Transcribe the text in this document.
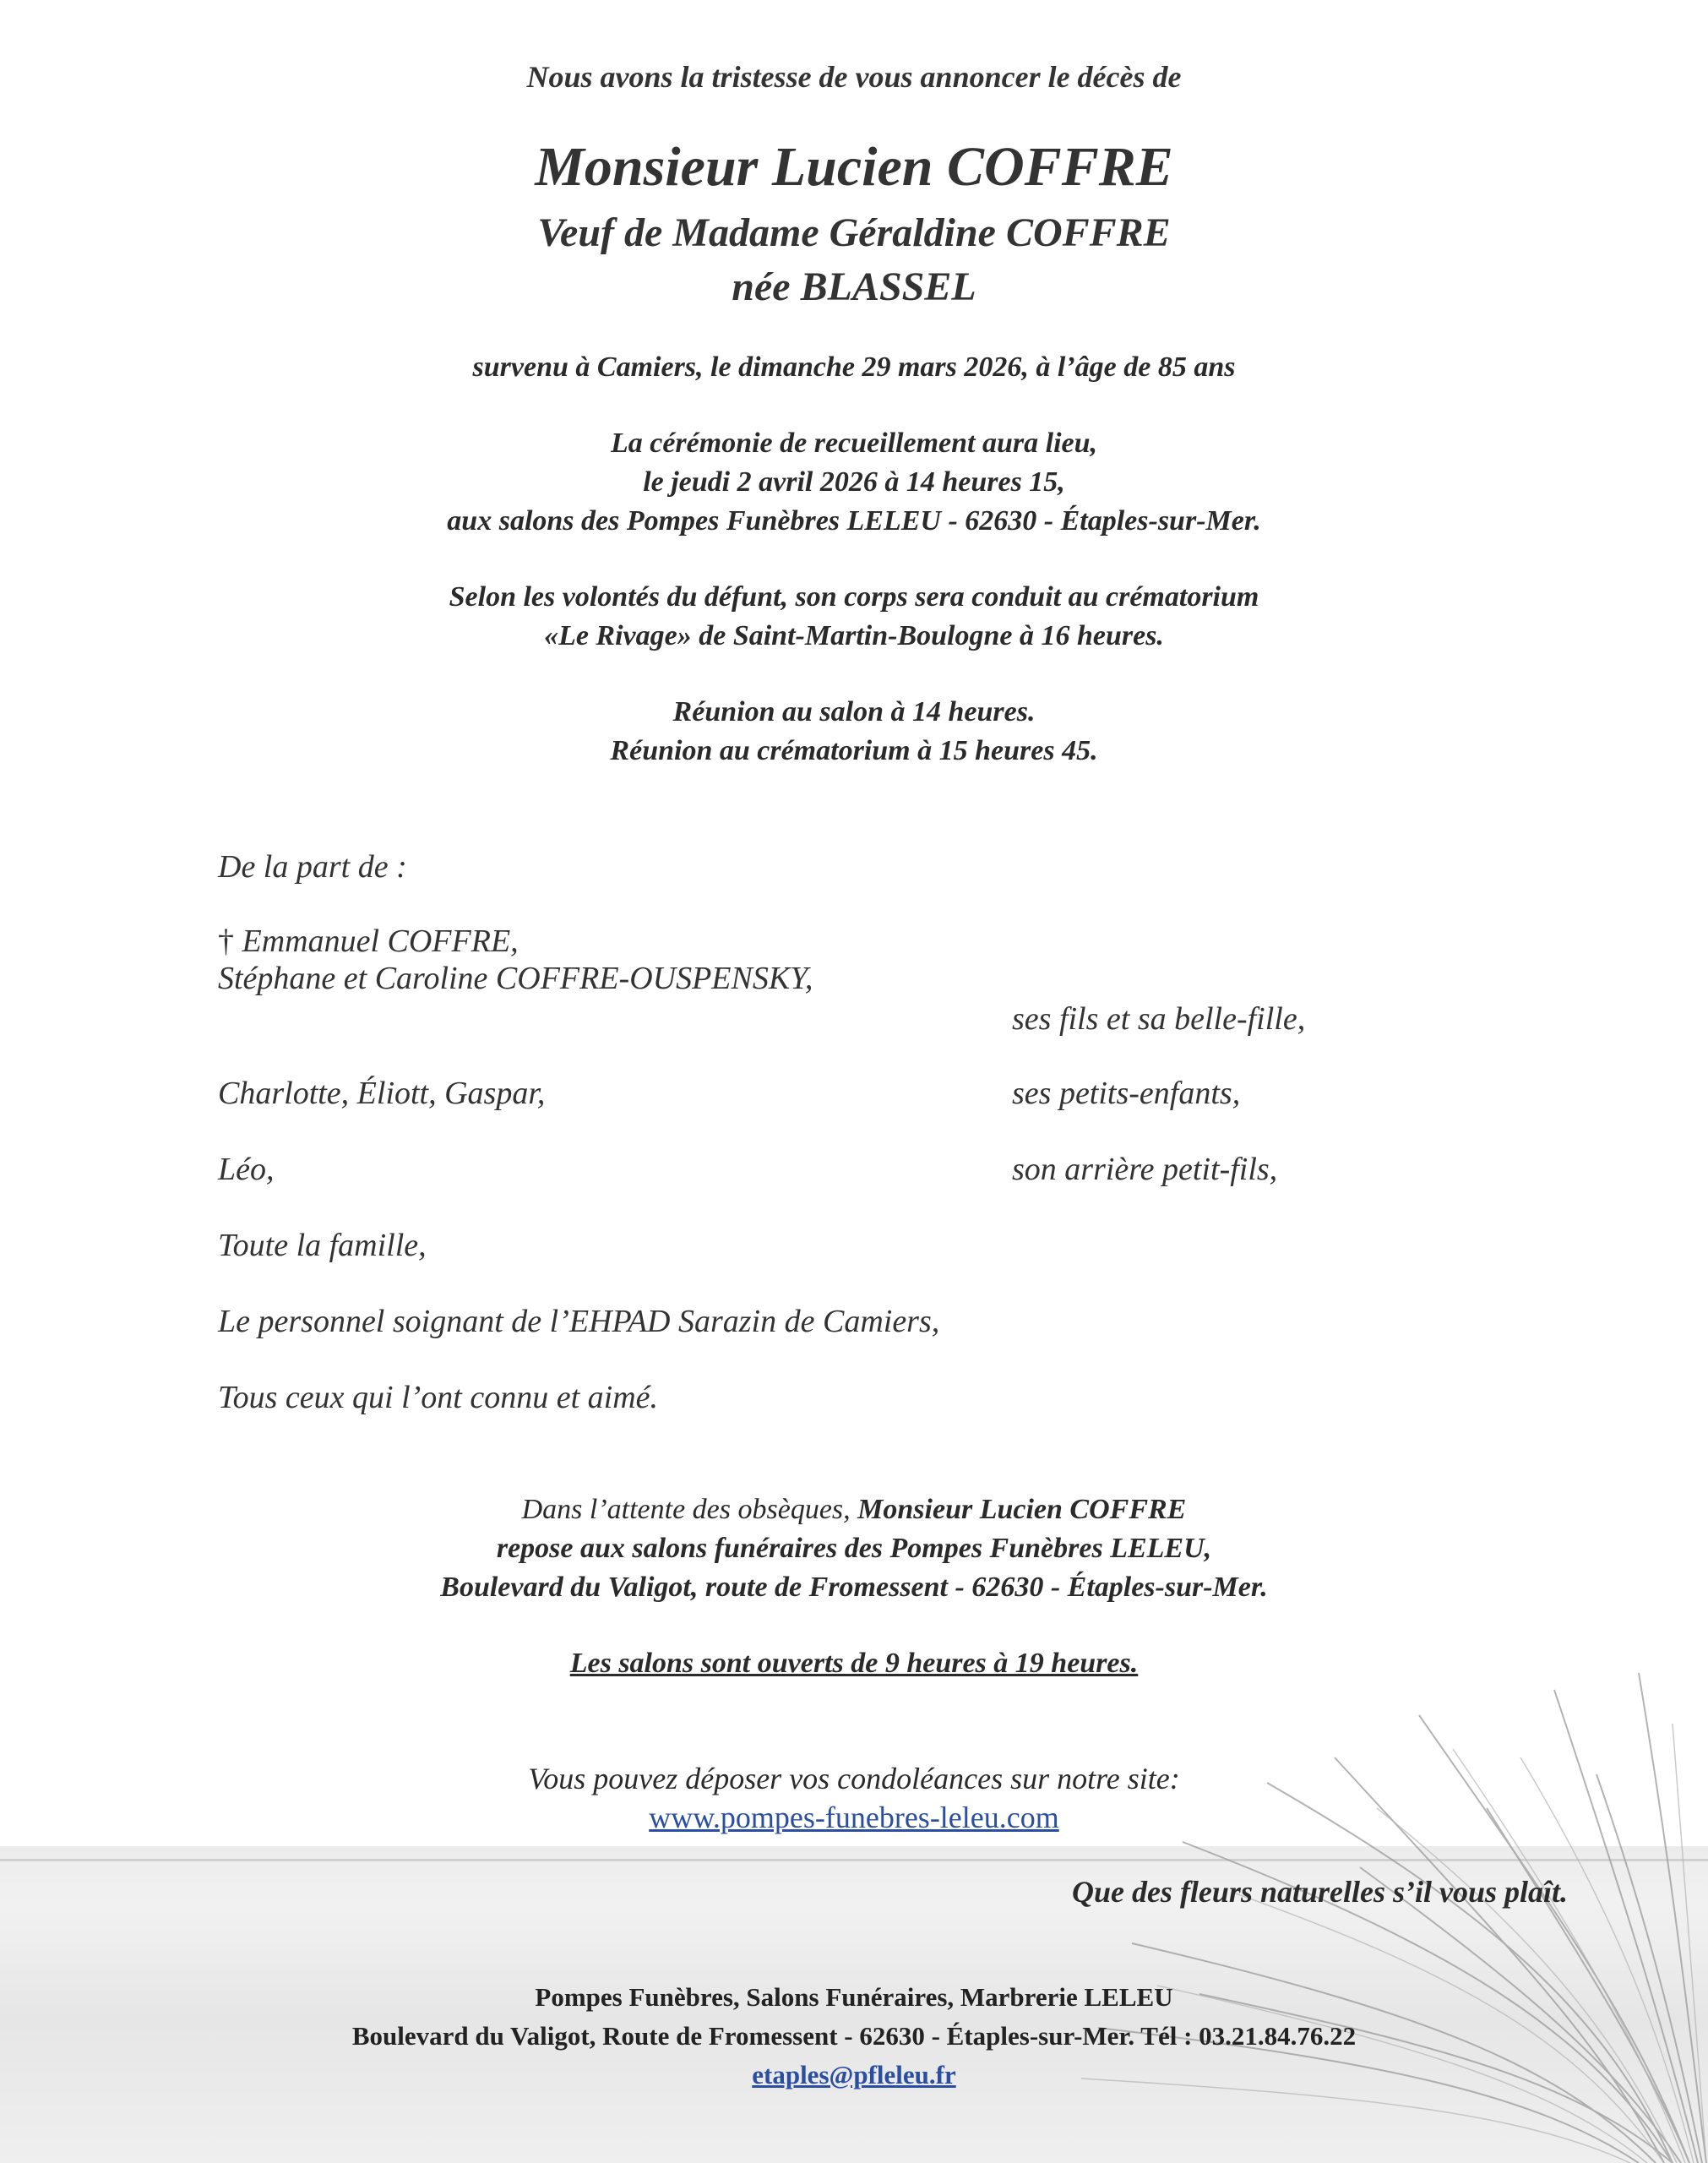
Nous avons la tristesse de vous annoncer le décès de
Monsieur Lucien COFFRE
Veuf de Madame Géraldine COFFRE
née BLASSEL
survenu à Camiers, le dimanche 29 mars 2026, à l’âge de 85 ans
La cérémonie de recueillement aura lieu,
le jeudi 2 avril 2026 à 14 heures 15,
aux salons des Pompes Funèbres LELEU - 62630 - Étaples-sur-Mer.
Selon les volontés du défunt, son corps sera conduit au crématorium
«Le Rivage» de Saint-Martin-Boulogne à 16 heures.
Réunion au salon à 14 heures.
Réunion au crématorium à 15 heures 45.
De la part de :
† Emmanuel COFFRE,
Stéphane et Caroline COFFRE-OUSPENSKY,
ses fils et sa belle-fille,
Charlotte, Éliott, Gaspar,	ses petits-enfants,
Léo,	son arrière petit-fils,
Toute la famille,
Le personnel soignant de l’EHPAD Sarazin de Camiers,
Tous ceux qui l’ont connu et aimé.
Dans l’attente des obsèques, Monsieur Lucien COFFRE
repose aux salons funéraires des Pompes Funèbres LELEU,
Boulevard du Valigot, route de Fromessent - 62630 - Étaples-sur-Mer.
Les salons sont ouverts de 9 heures à 19 heures.
Vous pouvez déposer vos condoléances sur notre site:
www.pompes-funebres-leleu.com
Que des fleurs naturelles s’il vous plaît.
Pompes Funèbres, Salons Funéraires, Marbrerie LELEU
Boulevard du Valigot, Route de Fromessent - 62630 - Étaples-sur-Mer. Tél : 03.21.84.76.22
etaples@pfleleu.fr
